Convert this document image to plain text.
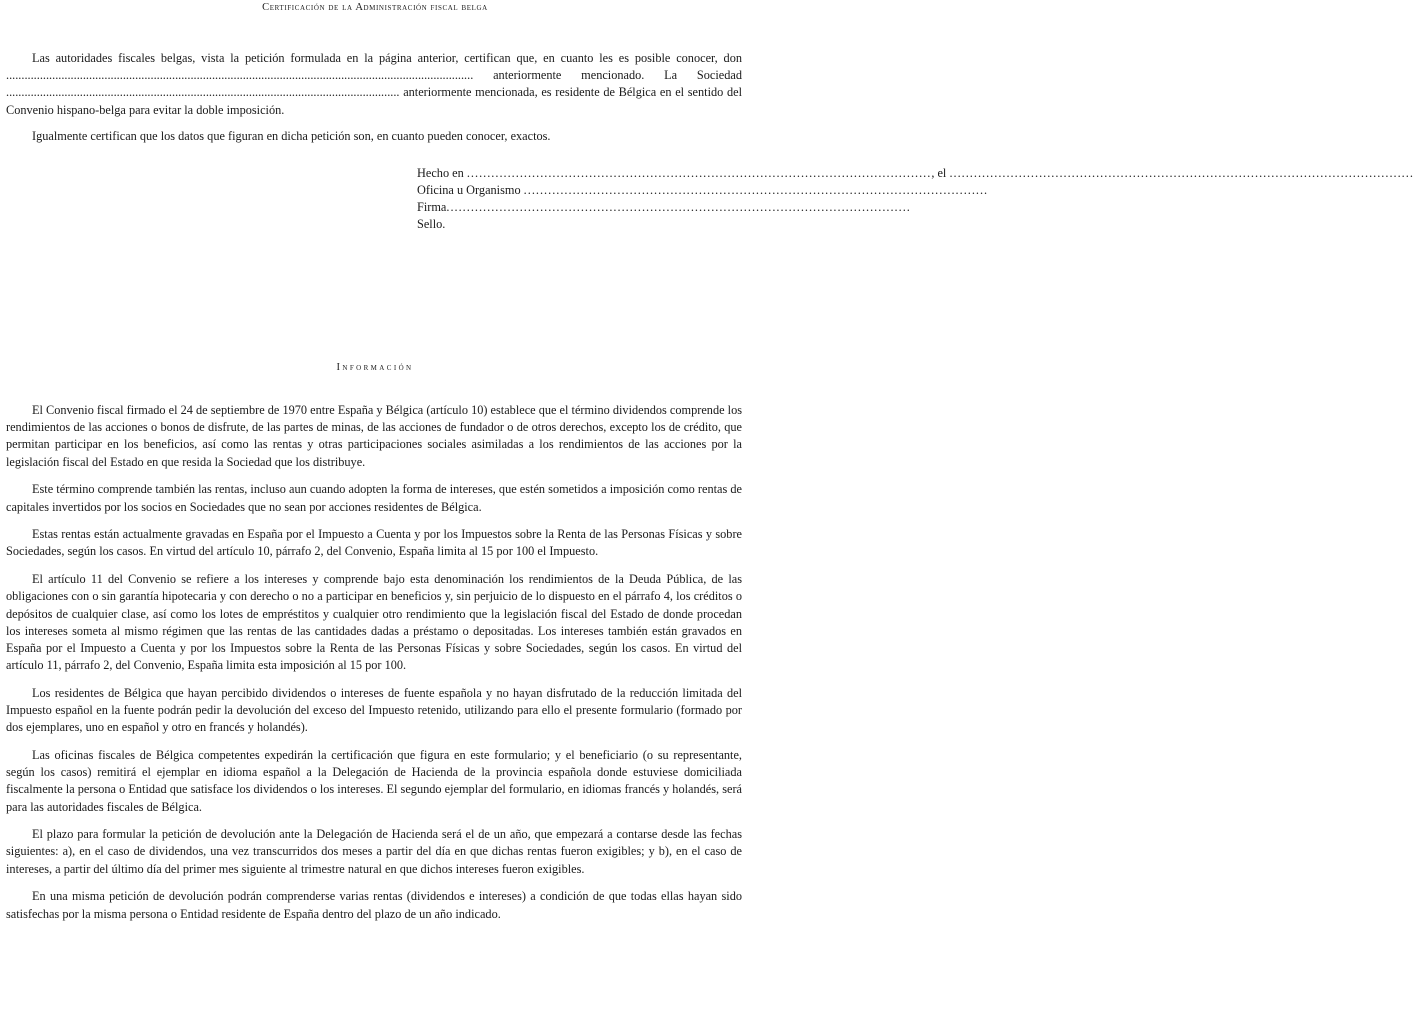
Certificación de la Administración fiscal belga

Las autoridades fiscales belgas, vista la petición formulada en la página anterior, certifican que, en cuanto les es posible conocer, don ........................................................................................................................................................ anteriormente mencionado. La Sociedad ................................................................................................................................ anteriormente mencionada, es residente de Bélgica en el sentido del Convenio hispano-belga para evitar la doble imposición.

Igualmente certifican que los datos que figuran en dicha petición son, en cuanto pueden conocer, exactos.

Hecho en
.................................................................................................................. , el
..................................................................................................................
Oficina u Organismo
..................................................................................................................
Firma ..................................................................................................................
Sello.
Información

El Convenio fiscal firmado el 24 de septiembre de 1970 entre España y Bélgica (artículo 10) establece que el término dividendos comprende los rendimientos de las acciones o bonos de disfrute, de las partes de minas, de las acciones de fundador o de otros derechos, excepto los de crédito, que permitan participar en los beneficios, así como las rentas y otras participaciones sociales asimiladas a los rendimientos de las acciones por la legislación fiscal del Estado en que resida la Sociedad que los distribuye.

Este término comprende también las rentas, incluso aun cuando adopten la forma de intereses, que estén sometidos a imposición como rentas de capitales invertidos por los socios en Sociedades que no sean por acciones residentes de Bélgica.

Estas rentas están actualmente gravadas en España por el Impuesto a Cuenta y por los Impuestos sobre la Renta de las Personas Físicas y sobre Sociedades, según los casos. En virtud del artículo 10, párrafo 2, del Convenio, España limita al 15 por 100 el Impuesto.

El artículo 11 del Convenio se refiere a los intereses y comprende bajo esta denominación los rendimientos de la Deuda Pública, de las obligaciones con o sin garantía hipotecaria y con derecho o no a participar en beneficios y, sin perjuicio de lo dispuesto en el párrafo 4, los créditos o depósitos de cualquier clase, así como los lotes de empréstitos y cualquier otro rendimiento que la legislación fiscal del Estado de donde procedan los intereses someta al mismo régimen que las rentas de las cantidades dadas a préstamo o depositadas. Los intereses también están gravados en España por el Impuesto a Cuenta y por los Impuestos sobre la Renta de las Personas Físicas y sobre Sociedades, según los casos. En virtud del artículo 11, párrafo 2, del Convenio, España limita esta imposición al 15 por 100.

Los residentes de Bélgica que hayan percibido dividendos o intereses de fuente española y no hayan disfrutado de la reducción limitada del Impuesto español en la fuente podrán pedir la devolución del exceso del Impuesto retenido, utilizando para ello el presente formulario (formado por dos ejemplares, uno en español y otro en francés y holandés).

Las oficinas fiscales de Bélgica competentes expedirán la certificación que figura en este formulario; y el beneficiario (o su representante, según los casos) remitirá el ejemplar en idioma español a la Delegación de Hacienda de la provincia española donde estuviese domiciliada fiscalmente la persona o Entidad que satisface los dividendos o los intereses. El segundo ejemplar del formulario, en idiomas francés y holandés, será para las autoridades fiscales de Bélgica.

El plazo para formular la petición de devolución ante la Delegación de Hacienda será el de un año, que empezará a contarse desde las fechas siguientes: a), en el caso de dividendos, una vez transcurridos dos meses a partir del día en que dichas rentas fueron exigibles; y b), en el caso de intereses, a partir del último día del primer mes siguiente al trimestre natural en que dichos intereses fueron exigibles.

En una misma petición de devolución podrán comprenderse varias rentas (dividendos e intereses) a condición de que todas ellas hayan sido satisfechas por la misma persona o Entidad residente de España dentro del plazo de un año indicado.
